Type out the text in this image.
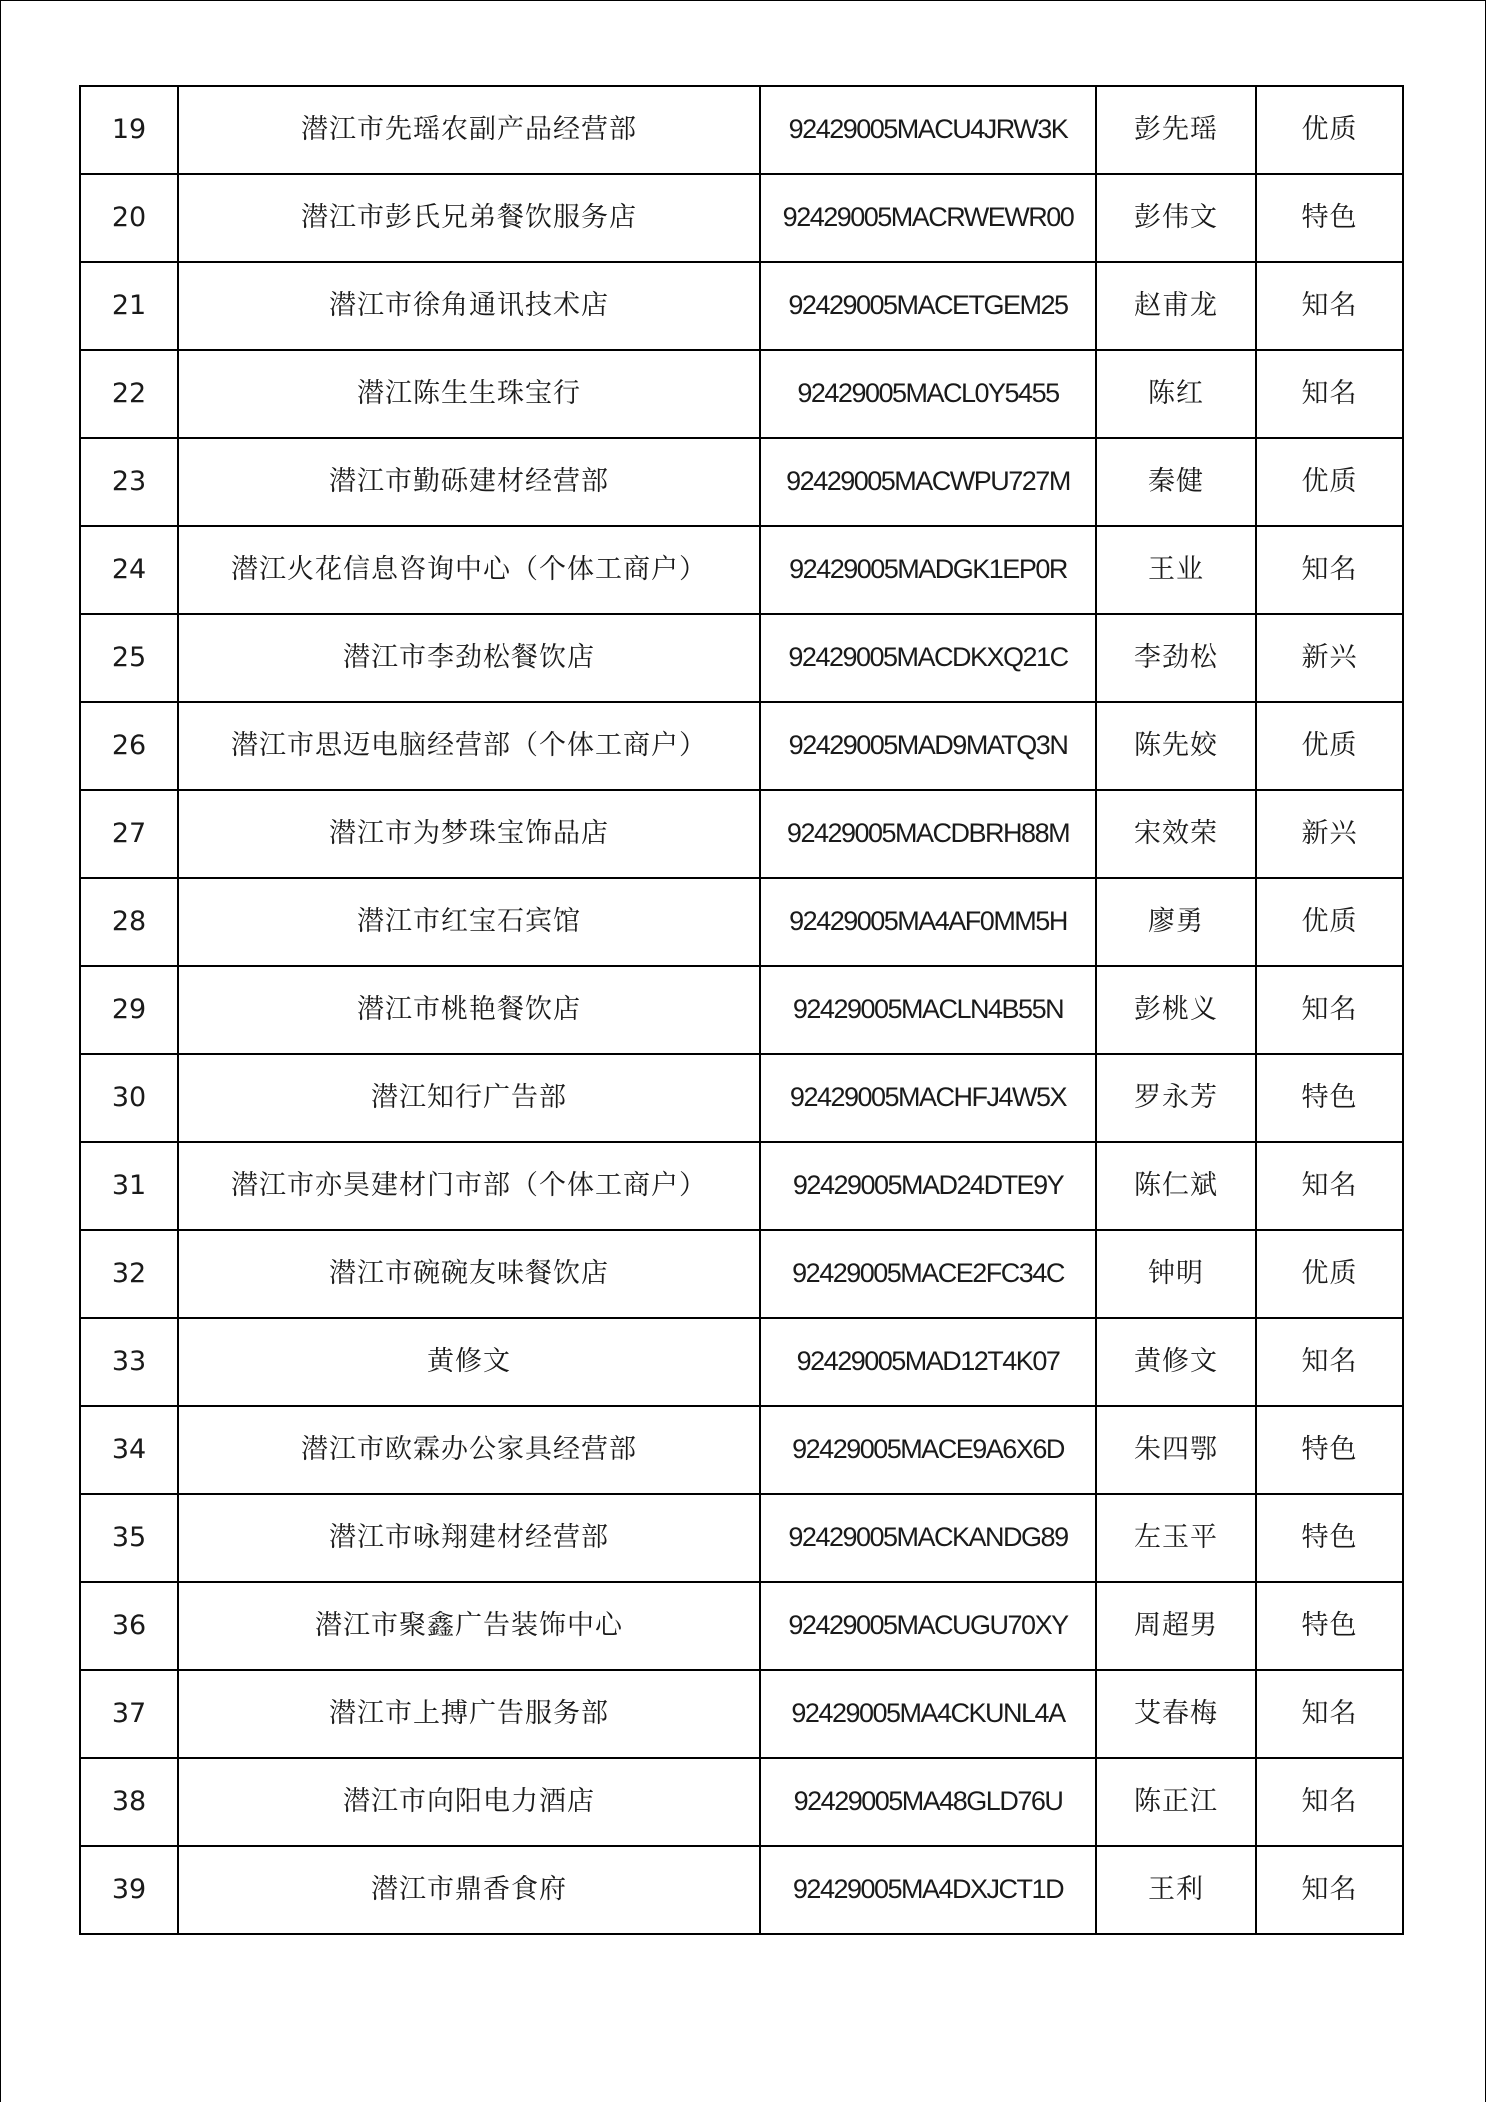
19	潜江市先瑶农副产品经营部	92429005MACU4JRW3K	彭先瑶	优质
20	潜江市彭氏兄弟餐饮服务店	92429005MACRWEWR00	彭伟文	特色
21	潜江市徐角通讯技术店	92429005MACETGEM25	赵甫龙	知名
22	潜江陈生生珠宝行	92429005MACL0Y5455	陈红	知名
23	潜江市勤砾建材经营部	92429005MACWPU727M	秦健	优质
24	潜江火花信息咨询中心（个体工商户）	92429005MADGK1EP0R	王业	知名
25	潜江市李劲松餐饮店	92429005MACDKXQ21C	李劲松	新兴
26	潜江市思迈电脑经营部（个体工商户）	92429005MAD9MATQ3N	陈先姣	优质
27	潜江市为梦珠宝饰品店	92429005MACDBRH88M	宋效荣	新兴
28	潜江市红宝石宾馆	92429005MA4AF0MM5H	廖勇	优质
29	潜江市桃艳餐饮店	92429005MACLN4B55N	彭桃义	知名
30	潜江知行广告部	92429005MACHFJ4W5X	罗永芳	特色
31	潜江市亦昊建材门市部（个体工商户）	92429005MAD24DTE9Y	陈仁斌	知名
32	潜江市碗碗友味餐饮店	92429005MACE2FC34C	钟明	优质
33	黄修文	92429005MAD12T4K07	黄修文	知名
34	潜江市欧霖办公家具经营部	92429005MACE9A6X6D	朱四鄂	特色
35	潜江市咏翔建材经营部	92429005MACKANDG89	左玉平	特色
36	潜江市聚鑫广告装饰中心	92429005MACUGU70XY	周超男	特色
37	潜江市上搏广告服务部	92429005MA4CKUNL4A	艾春梅	知名
38	潜江市向阳电力酒店	92429005MA48GLD76U	陈正江	知名
39	潜江市鼎香食府	92429005MA4DXJCT1D	王利	知名
